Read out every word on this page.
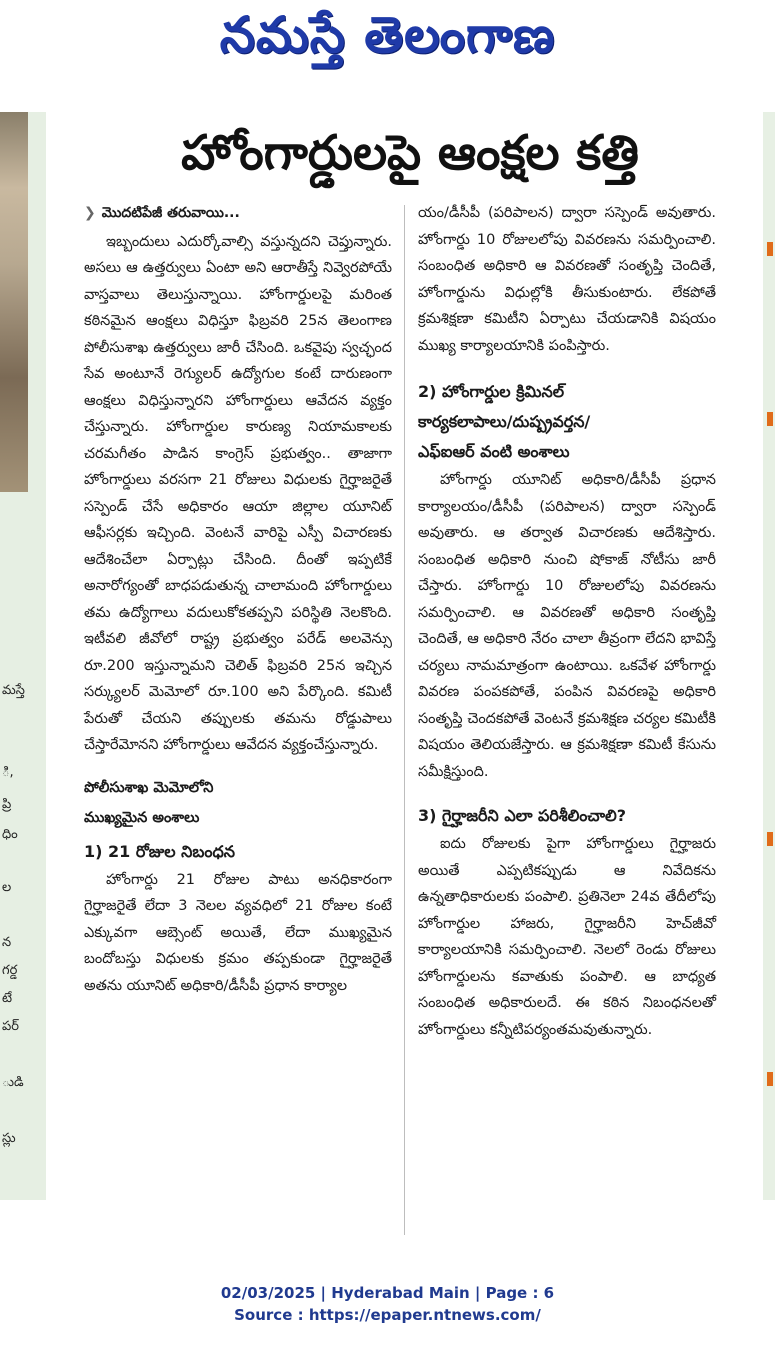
నమస్తే తెలంగాణ
మస్తే
ి,
ప్రి
ధిం
ల
న
గర్డ
టే
పర్
ుడి
స్లు
హోంగార్డులపై ఆంక్షల కత్తి
❯ మొదటిపేజీ తరువాయి...

ఇబ్బందులు ఎదుర్కోవాల్సి వస్తున్నదని చెప్తున్నారు. అసలు ఆ ఉత్తర్వులు ఏంటా అని ఆరాతీస్తే నివ్వెరపోయే వాస్తవాలు తెలుస్తున్నాయి. హోంగార్డులపై మరింత కఠినమైన ఆంక్షలు విధిస్తూ ఫిబ్రవరి 25న తెలంగాణ పోలీసుశాఖ ఉత్తర్వులు జారీ చేసింది. ఒకవైపు స్వచ్ఛంద సేవ అంటూనే రెగ్యులర్ ఉద్యోగుల కంటే దారుణంగా ఆంక్షలు విధిస్తున్నారని హోంగార్డులు ఆవేదన వ్యక్తం చేస్తున్నారు. హోంగార్డుల కారుణ్య నియామకాలకు చరమగీతం పాడిన కాంగ్రెస్ ప్రభుత్వం.. తాజాగా హోంగార్డులు వరసగా 21 రోజులు విధులకు గైర్హాజరైతే సస్పెండ్ చేసే అధికారం ఆయా జిల్లాల యూనిట్ ఆఫీసర్లకు ఇచ్చింది. వెంటనే వారిపై ఎస్పీ విచారణకు ఆదేశించేలా ఏర్పాట్లు చేసింది. దీంతో ఇప్పటికే అనారోగ్యంతో బాధపడుతున్న చాలామంది హోంగార్డులు తమ ఉద్యోగాలు వదులుకోకతప్పని పరిస్థితి నెలకొంది. ఇటీవలి జీవోలో రాష్ట్ర ప్రభుత్వం పరేడ్ అలవెన్సు రూ.200 ఇస్తున్నామని చెలిత్ ఫిబ్రవరి 25న ఇచ్చిన సర్క్యులర్ మెమోలో రూ.100 అని పేర్కొంది. కమిటీ పేరుతో చేయని తప్పులకు తమను రోడ్డుపాలు చేస్తారేమోనని హోంగార్డులు ఆవేదన వ్యక్తంచేస్తున్నారు.

పోలీసుశాఖ మెమోలోని
ముఖ్యమైన అంశాలు
1) 21 రోజుల నిబంధన

హోంగార్డు 21 రోజుల పాటు అనధికారంగా గైర్హాజరైతే లేదా 3 నెలల వ్యవధిలో 21 రోజుల కంటే ఎక్కువగా ఆబ్సెంట్ అయితే, లేదా ముఖ్యమైన బందోబస్తు విధులకు క్రమం తప్పకుండా గైర్హాజరైతే అతను యూనిట్ అధికారి/డీసీపీ ప్రధాన కార్యాల

యం/డీసీపీ (పరిపాలన) ద్వారా సస్పెండ్ అవుతారు. హోంగార్డు 10 రోజులలోపు వివరణను సమర్పించాలి. సంబంధిత అధికారి ఆ వివరణతో సంతృప్తి చెందితే, హోంగార్డును విధుల్లోకి తీసుకుంటారు. లేకపోతే క్రమశిక్షణా కమిటీని ఏర్పాటు చేయడానికి విషయం ముఖ్య కార్యాలయానికి పంపిస్తారు.

2) హోంగార్డుల క్రిమినల్
కార్యకలాపాలు/దుష్ప్రవర్తన/
ఎఫ్ఐఆర్ వంటి అంశాలు

హోంగార్డు యూనిట్ అధికారి/డీసీపీ ప్రధాన కార్యాలయం/డీసీపీ (పరిపాలన) ద్వారా సస్పెండ్ అవుతారు. ఆ తర్వాత విచారణకు ఆదేశిస్తారు. సంబంధిత అధికారి నుంచి షోకాజ్ నోటీసు జారీ చేస్తారు. హోంగార్డు 10 రోజులలోపు వివరణను సమర్పించాలి. ఆ వివరణతో అధికారి సంతృప్తి చెందితే, ఆ అధికారి నేరం చాలా తీవ్రంగా లేదని భావిస్తే చర్యలు నామమాత్రంగా ఉంటాయి. ఒకవేళ హోంగార్డు వివరణ పంపకపోతే, పంపిన వివరణపై అధికారి సంతృప్తి చెందకపోతే వెంటనే క్రమశిక్షణ చర్యల కమిటీకి విషయం తెలియజేస్తారు. ఆ క్రమశిక్షణా కమిటీ కేసును సమీక్షిస్తుంది.

3) గైర్హాజరీని ఎలా పరిశీలించాలి?

ఐదు రోజులకు పైగా హోంగార్డులు గైర్హాజరు అయితే ఎప్పటికప్పుడు ఆ నివేదికను ఉన్నతాధికారులకు పంపాలి. ప్రతినెలా 24వ తేదీలోపు హోంగార్డుల హాజరు, గైర్హాజరీని హెచ్‌జీవో కార్యాలయానికి సమర్పించాలి. నెలలో రెండు రోజులు హోంగార్డులను కవాతుకు పంపాలి. ఆ బాధ్యత సంబంధిత అధికారులదే. ఈ కఠిన నిబంధనలతో హోంగార్డులు కన్నీటిపర్యంతమవుతున్నారు.

02/03/2025 | Hyderabad Main | Page : 6
Source : https://epaper.ntnews.com/
